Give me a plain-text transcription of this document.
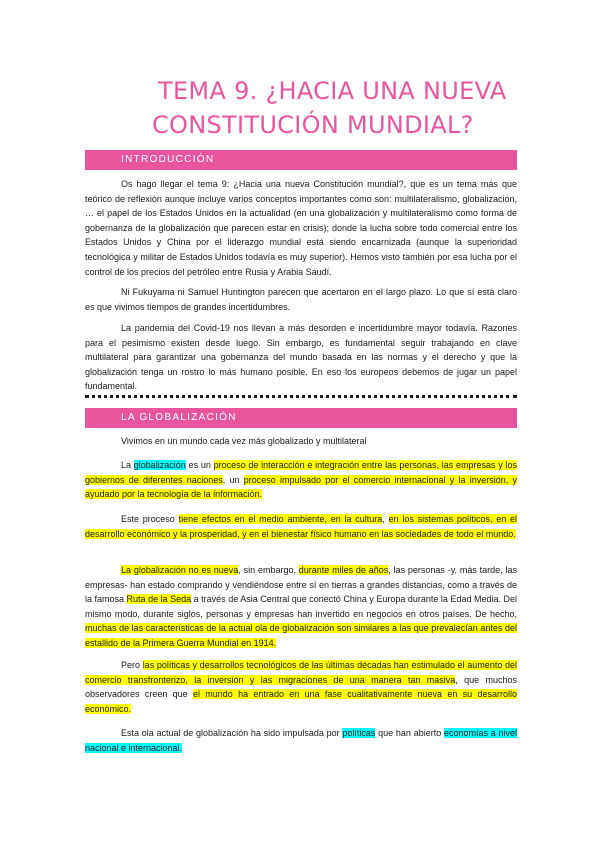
TEMA 9. ¿HACIA UNA NUEVA
CONSTITUCIÓN MUNDIAL?
INTRODUCCIÓN

Os hago llegar el tema 9: ¿Hacia una nueva Constitución mundial?, que es un tema más que teórico de reflexión aunque incluye varios conceptos importantes como son: multilateralismo, globalización, … el papel de los Estados Unidos en la actualidad (en una globalización y multilateralismo como forma de gobernanza de la globalización que parecen estar en crisis); donde la lucha sobre todo comercial entre los Estados Unidos y China por el liderazgo mundial está siendo encarnizada (aunque la superioridad tecnológica y militar de Estados Unidos todavía es muy superior). Hemos visto también por esa lucha por el control de los precios del petróleo entre Rusia y Arabia Saudí.

Ni Fukuyama ni Samuel Huntington parecen que acertaron en el largo plazo. Lo que sí está claro es que vivimos tiempos de grandes incertidumbres.

La pandemia del Covid-19 nos llevan a más desorden e incertidumbre mayor todavía. Razones para el pesimismo existen desde luego. Sin embargo, es fundamental seguir trabajando en clave multilateral para garantizar una gobernanza del mundo basada en las normas y el derecho y que la globalización tenga un rostro lo más humano posible. En eso los europeos debemos de jugar un papel fundamental.

LA GLOBALIZACIÓN

Vivimos en un mundo cada vez más globalizado y multilateral

La globalización es un proceso de interacción e integración entre las personas, las empresas y los gobiernos de diferentes naciones, un proceso impulsado por el comercio internacional y la inversión, y ayudado por la tecnología de la información.

Este proceso tiene efectos en el medio ambiente, en la cultura, en los sistemas políticos, en el desarrollo económico y la prosperidad, y en el bienestar físico humano en las sociedades de todo el mundo.

La globalización no es nueva, sin embargo, durante miles de años, las personas -y, más tarde, las empresas- han estado comprando y vendiéndose entre sí en tierras a grandes distancias, como a través de la famosa Ruta de la Seda a través de Asia Central que conectó China y Europa durante la Edad Media. Del mismo modo, durante siglos, personas y empresas han invertido en negocios en otros países. De hecho, muchas de las características de la actual ola de globalización son similares a las que prevalecían antes del estallido de la Primera Guerra Mundial en 1914.

Pero las políticas y desarrollos tecnológicos de las últimas décadas han estimulado el aumento del comercio transfronterizo, la inversión y las migraciones de una manera tan masiva, que muchos observadores creen que el mundo ha entrado en una fase cualitativamente nueva en su desarrollo económico.

Esta ola actual de globalización ha sido impulsada por políticas que han abierto economías a nivel nacional e internacional.
